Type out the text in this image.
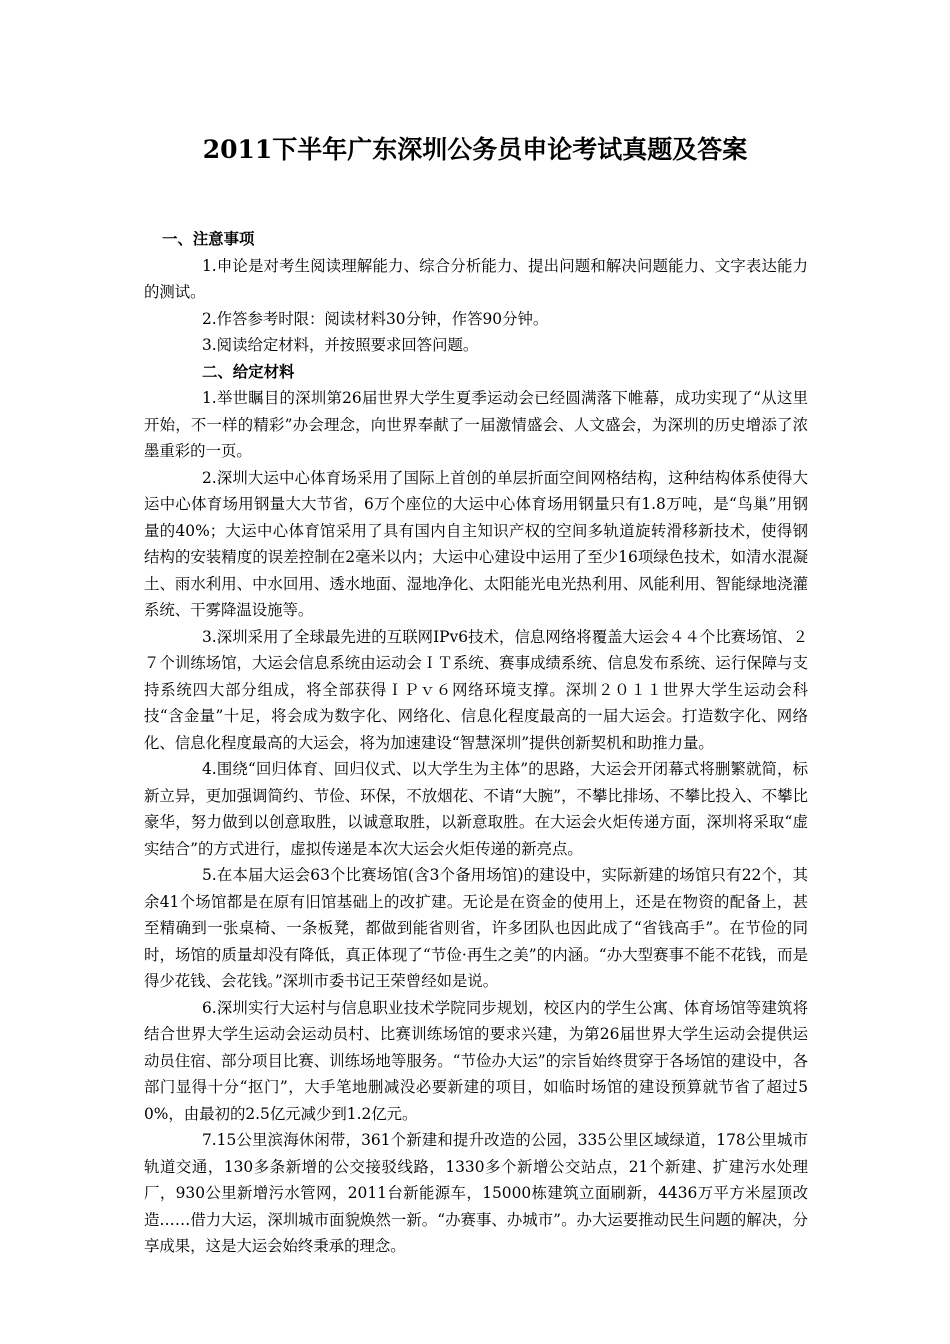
2011下半年广东深圳公务员申论考试真题及答案

一、注意事项

1.申论是对考生阅读理解能力、综合分析能力、提出问题和解决问题能力、文字表达能力的测试。

2.作答参考时限：阅读材料30分钟，作答90分钟。

3.阅读给定材料，并按照要求回答问题。

二、给定材料

1.举世瞩目的深圳第26届世界大学生夏季运动会已经圆满落下帷幕，成功实现了“从这里开始，不一样的精彩”办会理念，向世界奉献了一届激情盛会、人文盛会，为深圳的历史增添了浓墨重彩的一页。

2.深圳大运中心体育场采用了国际上首创的单层折面空间网格结构，这种结构体系使得大运中心体育场用钢量大大节省，6万个座位的大运中心体育场用钢量只有1.8万吨，是“鸟巢”用钢量的40%；大运中心体育馆采用了具有国内自主知识产权的空间多轨道旋转滑移新技术，使得钢结构的安装精度的误差控制在2毫米以内；大运中心建设中运用了至少16项绿色技术，如清水混凝土、雨水利用、中水回用、透水地面、湿地净化、太阳能光电光热利用、风能利用、智能绿地浇灌系统、干雾降温设施等。

3.深圳采用了全球最先进的互联网IPv6技术，信息网络将覆盖大运会４４个比赛场馆、２７个训练场馆，大运会信息系统由运动会ＩＴ系统、赛事成绩系统、信息发布系统、运行保障与支持系统四大部分组成，将全部获得ＩＰｖ６网络环境支撑。深圳２０１１世界大学生运动会科技“含金量”十足，将会成为数字化、网络化、信息化程度最高的一届大运会。打造数字化、网络化、信息化程度最高的大运会，将为加速建设“智慧深圳”提供创新契机和助推力量。

4.围绕“回归体育、回归仪式、以大学生为主体”的思路，大运会开闭幕式将删繁就简，标新立异，更加强调简约、节俭、环保，不放烟花、不请“大腕”，不攀比排场、不攀比投入、不攀比豪华，努力做到以创意取胜，以诚意取胜，以新意取胜。在大运会火炬传递方面，深圳将采取“虚实结合”的方式进行，虚拟传递是本次大运会火炬传递的新亮点。

5.在本届大运会63个比赛场馆(含3个备用场馆)的建设中，实际新建的场馆只有22个，其余41个场馆都是在原有旧馆基础上的改扩建。无论是在资金的使用上，还是在物资的配备上，甚至精确到一张桌椅、一条板凳，都做到能省则省，许多团队也因此成了“省钱高手”。在节俭的同时，场馆的质量却没有降低，真正体现了“节俭·再生之美”的内涵。“办大型赛事不能不花钱，而是得少花钱、会花钱。”深圳市委书记王荣曾经如是说。

6.深圳实行大运村与信息职业技术学院同步规划，校区内的学生公寓、体育场馆等建筑将结合世界大学生运动会运动员村、比赛训练场馆的要求兴建，为第26届世界大学生运动会提供运动员住宿、部分项目比赛、训练场地等服务。“节俭办大运”的宗旨始终贯穿于各场馆的建设中，各部门显得十分“抠门”，大手笔地删减没必要新建的项目，如临时场馆的建设预算就节省了超过50%，由最初的2.5亿元减少到1.2亿元。

7.15公里滨海休闲带，361个新建和提升改造的公园，335公里区域绿道，178公里城市轨道交通，130多条新增的公交接驳线路，1330多个新增公交站点，21个新建、扩建污水处理厂，930公里新增污水管网，2011台新能源车，15000栋建筑立面刷新，4436万平方米屋顶改造……借力大运，深圳城市面貌焕然一新。“办赛事、办城市”。办大运要推动民生问题的解决，分享成果，这是大运会始终秉承的理念。
